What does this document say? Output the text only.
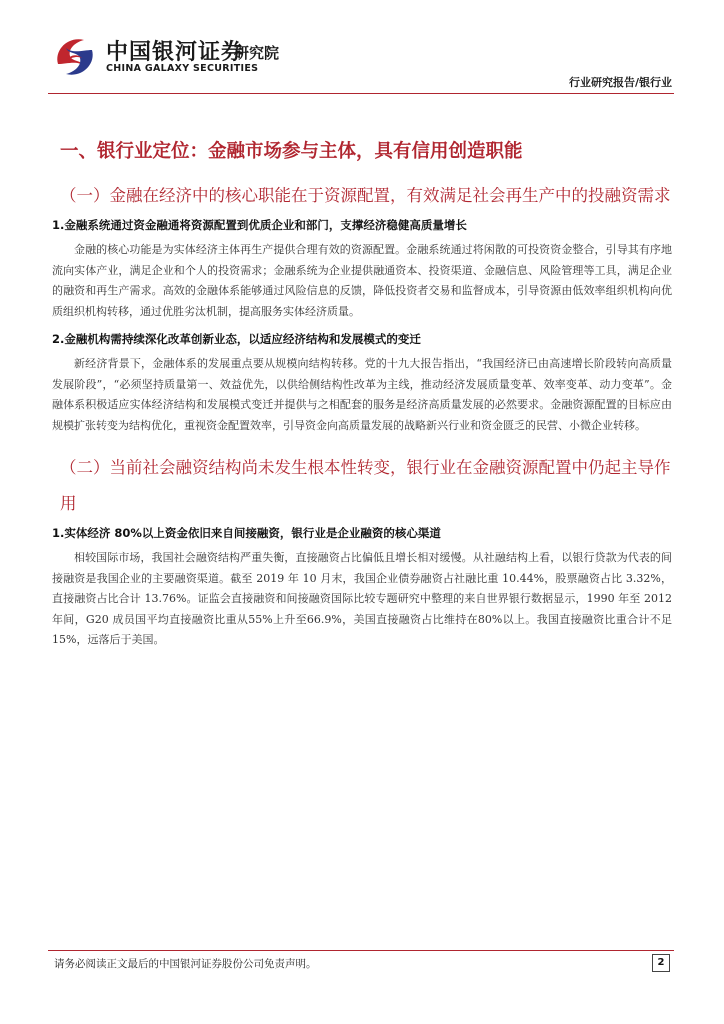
中国银河证券
研究院
CHINA GALAXY SECURITIES
行业研究报告/银行业
一、银行业定位：金融市场参与主体，具有信用创造职能
（一）金融在经济中的核心职能在于资源配置，有效满足社会再生产中的投融资需求
1.金融系统通过资金融通将资源配置到优质企业和部门，支撑经济稳健高质量增长

金融的核心功能是为实体经济主体再生产提供合理有效的资源配置。金融系统通过将闲散的可投资资金整合，引导其有序地流向实体产业，满足企业和个人的投资需求；金融系统为企业提供融通资本、投资渠道、金融信息、风险管理等工具，满足企业的融资和再生产需求。高效的金融体系能够通过风险信息的反馈，降低投资者交易和监督成本，引导资源由低效率组织机构向优质组织机构转移，通过优胜劣汰机制，提高服务实体经济质量。

2.金融机构需持续深化改革创新业态，以适应经济结构和发展模式的变迁

新经济背景下，金融体系的发展重点要从规模向结构转移。党的十九大报告指出，“我国经济已由高速增长阶段转向高质量发展阶段”，“必须坚持质量第一、效益优先，以供给侧结构性改革为主线，推动经济发展质量变革、效率变革、动力变革”。金融体系积极适应实体经济结构和发展模式变迁并提供与之相配套的服务是经济高质量发展的必然要求。金融资源配置的目标应由规模扩张转变为结构优化，重视资金配置效率，引导资金向高质量发展的战略新兴行业和资金匮乏的民营、小微企业转移。

（二）当前社会融资结构尚未发生根本性转变，银行业在金融资源配置中仍起主导作用
1.实体经济 80%以上资金依旧来自间接融资，银行业是企业融资的核心渠道

相较国际市场，我国社会融资结构严重失衡，直接融资占比偏低且增长相对缓慢。从社融结构上看，以银行贷款为代表的间接融资是我国企业的主要融资渠道。截至 2019 年 10 月末，我国企业债券融资占社融比重 10.44%，股票融资占比 3.32%，直接融资占比合计 13.76%。证监会直接融资和间接融资国际比较专题研究中整理的来自世界银行数据显示，1990 年至 2012 年间，G20 成员国平均直接融资比重从55%上升至66.9%，美国直接融资占比维持在80%以上。我国直接融资比重合计不足 15%，远落后于美国。

请务必阅读正文最后的中国银河证券股份公司免责声明。	2
